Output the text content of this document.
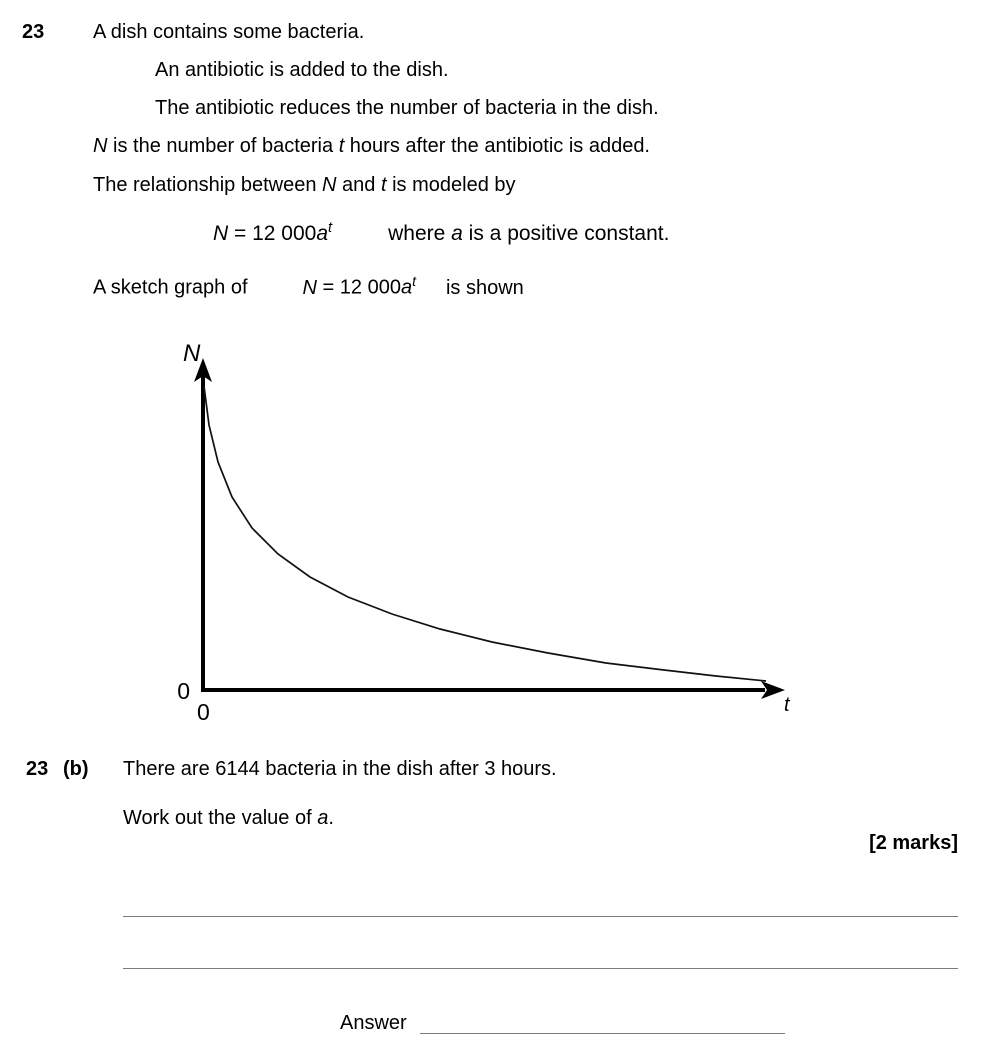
23 A dish contains some bacteria.
An antibiotic is added to the dish.
The antibiotic reduces the number of bacteria in the dish.
N is the number of bacteria t hours after the antibiotic is added.
The relationship between N and t is modeled by
N = 12 $000a^t$	where a is a positive constant.
A sketch graph of	N = 12 $000a^t$ is shown
N
t
0
0
23 (b) There are 6144 bacteria in the dish after 3 hours.
Work out the value of a.
[2 marks]
Answer
